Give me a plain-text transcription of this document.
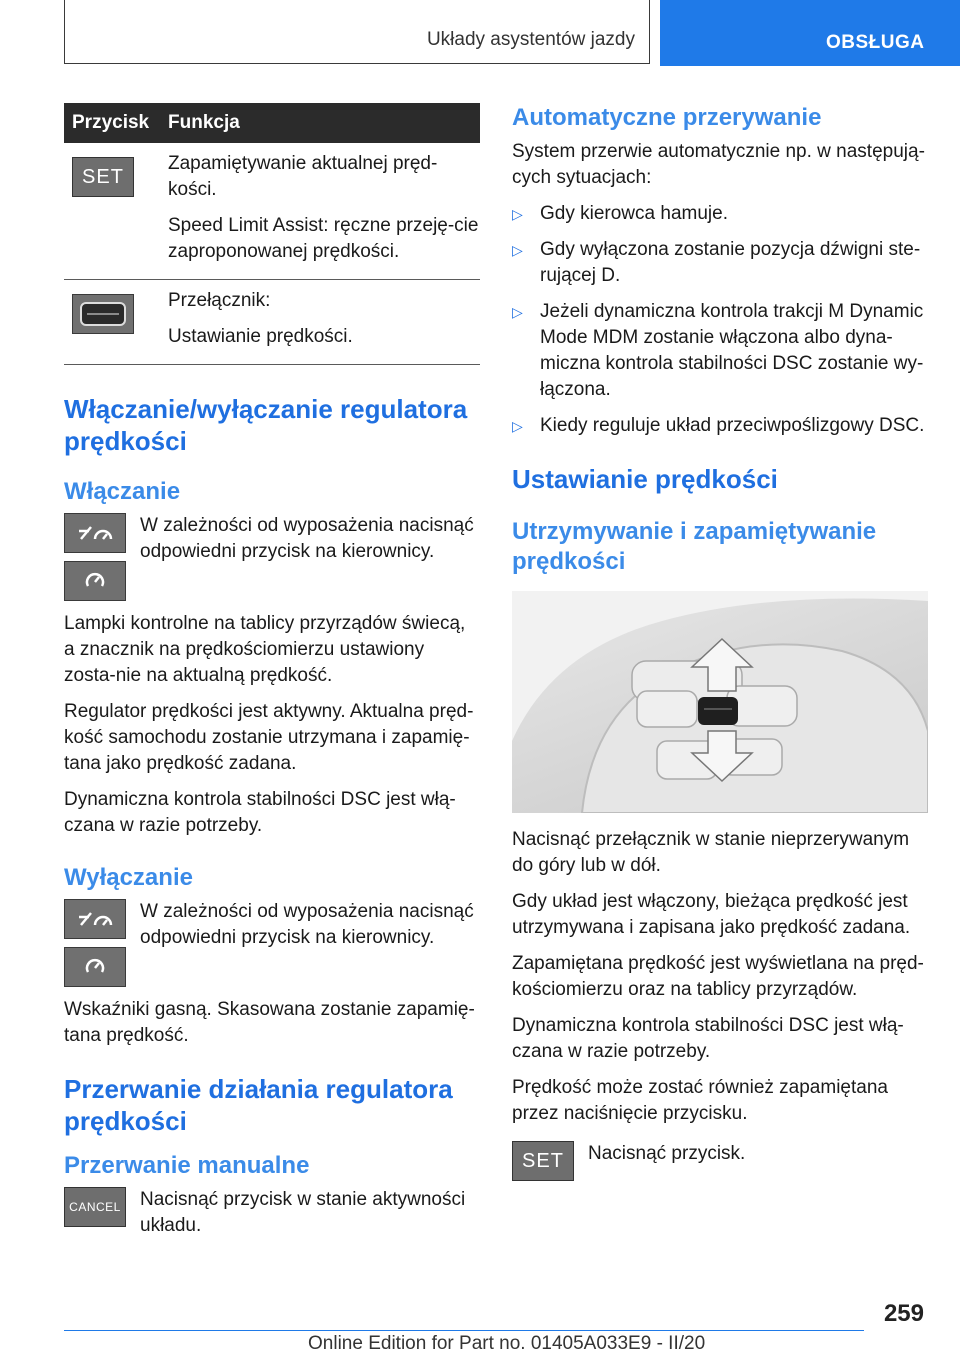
Układy asystentów jazdy	OBSŁUGA
Przycisk	Funkcja

SET	Zapamiętywanie aktualnej pręd-kości.

Speed Limit Assist: ręczne przeję-cie zaproponowanej prędkości.

Przełącznik:

Ustawianie prędkości.

Włączanie/wyłączanie regulatora prędkości
Włączanie
W zależności od wyposażenia nacisnąć odpowiedni przycisk na kierownicy.

Lampki kontrolne na tablicy przyrządów świecą, a znacznik na prędkościomierzu ustawiony zosta-nie na aktualną prędkość.

Regulator prędkości jest aktywny. Aktualna pręd-kość samochodu zostanie utrzymana i zapamię-tana jako prędkość zadana.

Dynamiczna kontrola stabilności DSC jest włą-czana w razie potrzeby.

Wyłączanie
W zależności od wyposażenia nacisnąć odpowiedni przycisk na kierownicy.

Wskaźniki gasną. Skasowana zostanie zapamię-tana prędkość.

Przerwanie działania regulatora prędkości
Przerwanie manualne
CANCEL Nacisnąć przycisk w stanie aktywności układu.
Automatyczne przerywanie

System przerwie automatycznie np. w następują-cych sytuacjach:

▷ Gdy kierowca hamuje.
▷ Gdy wyłączona zostanie pozycja dźwigni ste-rującej D.
▷ Jeżeli dynamiczna kontrola trakcji M Dynamic Mode MDM zostanie włączona albo dyna-miczna kontrola stabilności DSC zostanie wy-łączona.
▷ Kiedy reguluje układ przeciwpoślizgowy DSC.
Ustawianie prędkości
Utrzymywanie i zapamiętywanie prędkości

Nacisnąć przełącznik w stanie nieprzerywanym do góry lub w dół.

Gdy układ jest włączony, bieżąca prędkość jest utrzymywana i zapisana jako prędkość zadana.

Zapamiętana prędkość jest wyświetlana na pręd-kościomierzu oraz na tablicy przyrządów.

Dynamiczna kontrola stabilności DSC jest włą-czana w razie potrzeby.

Prędkość może zostać również zapamiętana przez naciśnięcie przycisku.

SET	Nacisnąć przycisk.
259
Online Edition for Part no. 01405A033E9 - II/20
